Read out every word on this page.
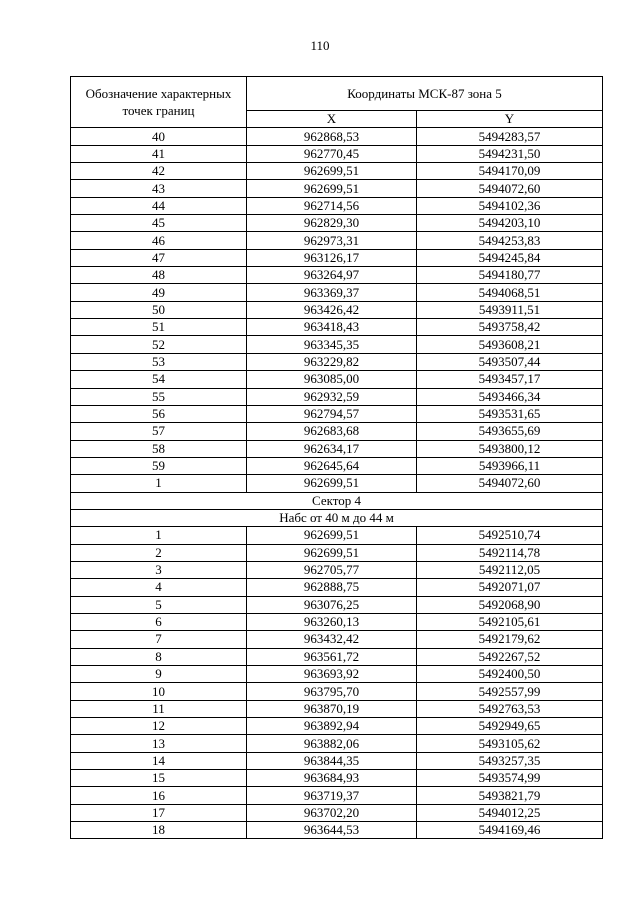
110
Обозначение характерных точек границ	Координаты МСК-87 зона 5	
	X	Y
40	962868,53	5494283,57
41	962770,45	5494231,50
42	962699,51	5494170,09
43	962699,51	5494072,60
44	962714,56	5494102,36
45	962829,30	5494203,10
46	962973,31	5494253,83
47	963126,17	5494245,84
48	963264,97	5494180,77
49	963369,37	5494068,51
50	963426,42	5493911,51
51	963418,43	5493758,42
52	963345,35	5493608,21
53	963229,82	5493507,44
54	963085,00	5493457,17
55	962932,59	5493466,34
56	962794,57	5493531,65
57	962683,68	5493655,69
58	962634,17	5493800,12
59	962645,64	5493966,11
1	962699,51	5494072,60
Сектор 4		
Набс от 40 м до 44 м		
1	962699,51	5492510,74
2	962699,51	5492114,78
3	962705,77	5492112,05
4	962888,75	5492071,07
5	963076,25	5492068,90
6	963260,13	5492105,61
7	963432,42	5492179,62
8	963561,72	5492267,52
9	963693,92	5492400,50
10	963795,70	5492557,99
11	963870,19	5492763,53
12	963892,94	5492949,65
13	963882,06	5493105,62
14	963844,35	5493257,35
15	963684,93	5493574,99
16	963719,37	5493821,79
17	963702,20	5494012,25
18	963644,53	5494169,46
